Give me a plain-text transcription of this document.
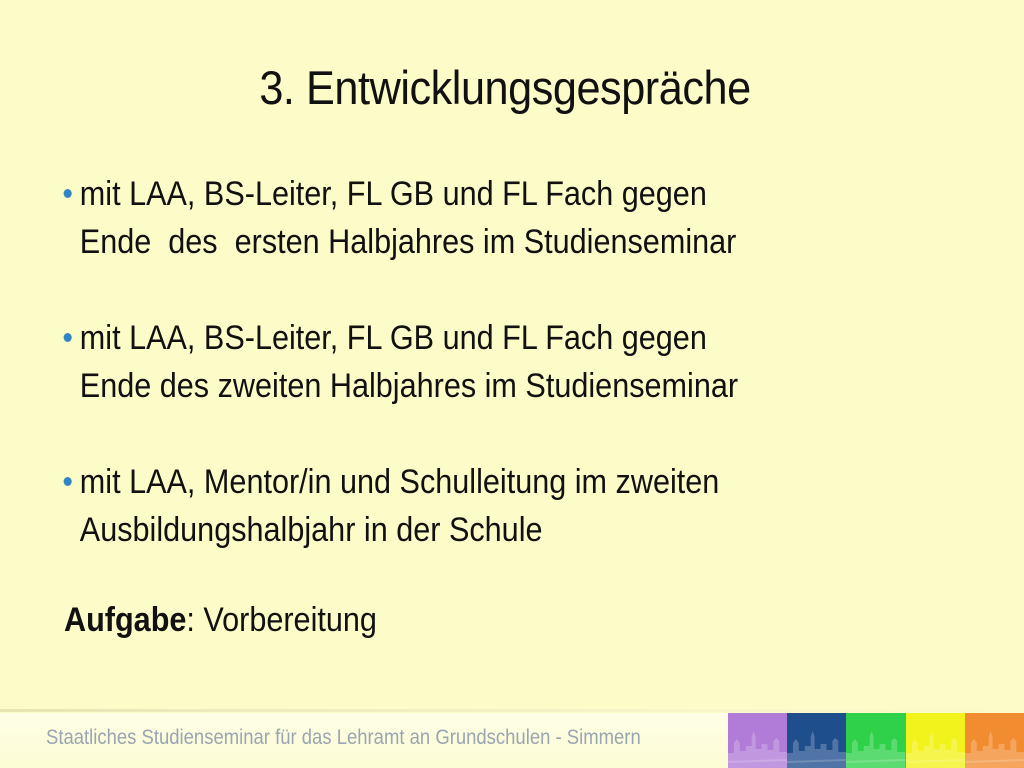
3. Entwicklungsgespräche
mit LAA, BS-Leiter, FL GB und FL Fach gegen
Ende  des  ersten Halbjahres im Studienseminar
mit LAA, BS-Leiter, FL GB und FL Fach gegen
Ende des zweiten Halbjahres im Studienseminar
mit LAA, Mentor/in und Schulleitung im zweiten
Ausbildungshalbjahr in der Schule
Aufgabe: Vorbereitung
Staatliches Studienseminar für das Lehramt an Grundschulen - Simmern
